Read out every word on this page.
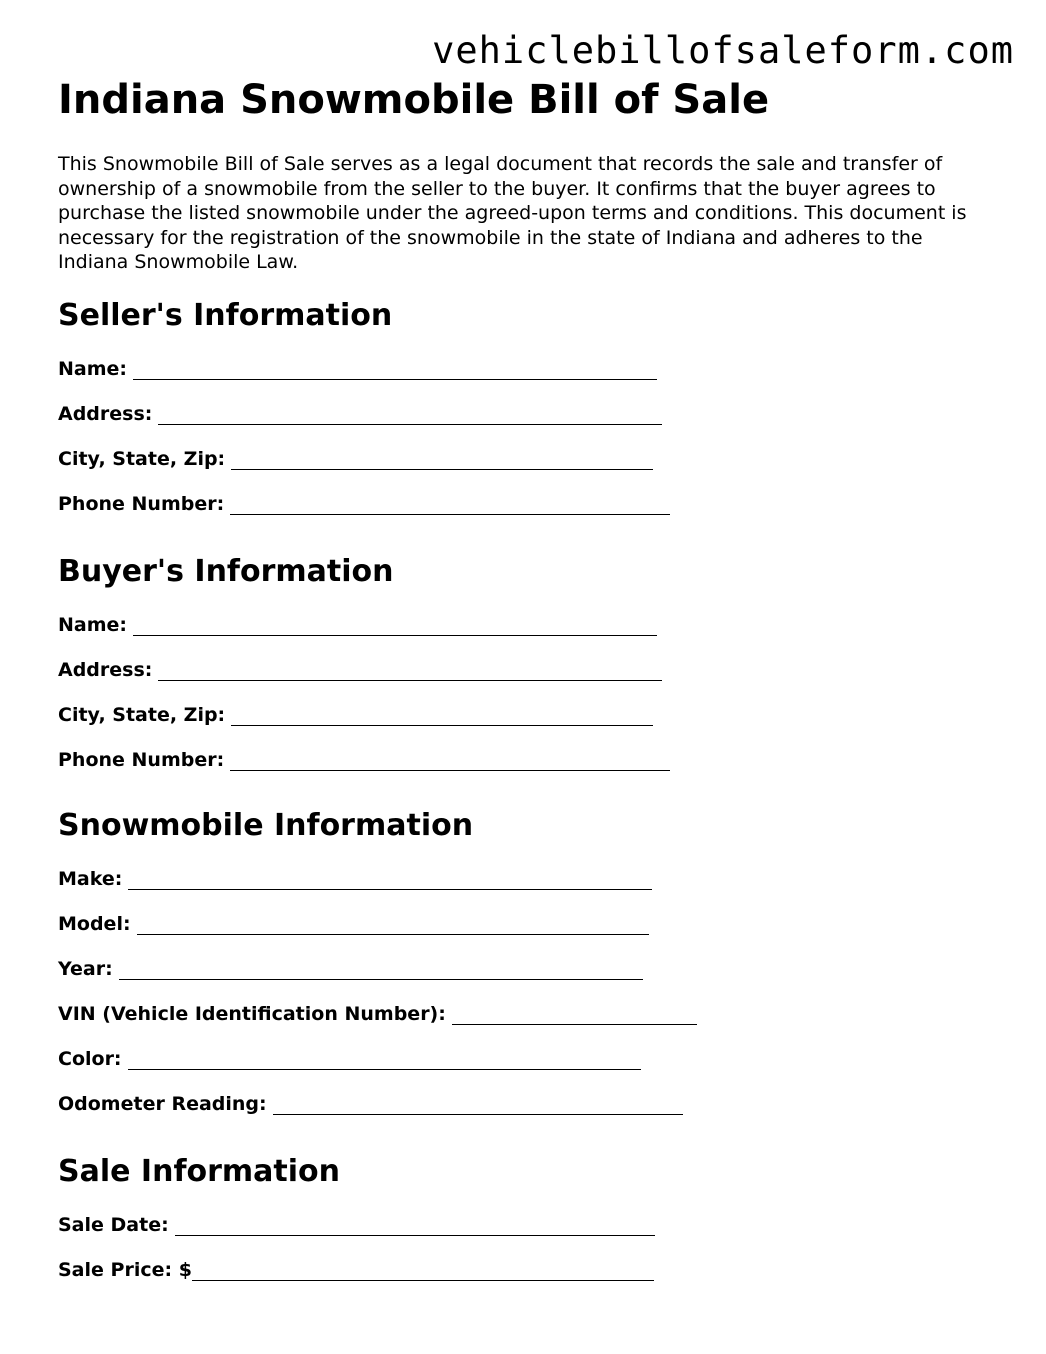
vehiclebillofsaleform.com
Indiana Snowmobile Bill of Sale

This Snowmobile Bill of Sale serves as a legal document that records the sale and transfer of ownership of a snowmobile from the seller to the buyer. It confirms that the buyer agrees to purchase the listed snowmobile under the agreed-upon terms and conditions. This document is necessary for the registration of the snowmobile in the state of Indiana and adheres to the Indiana Snowmobile Law.

Seller's Information
Name:
Address:
City, State, Zip:
Phone Number:
Buyer's Information
Name:
Address:
City, State, Zip:
Phone Number:
Snowmobile Information
Make:
Model:
Year:
VIN (Vehicle Identification Number):
Color:
Odometer Reading:
Sale Information
Sale Date:
Sale Price: $
